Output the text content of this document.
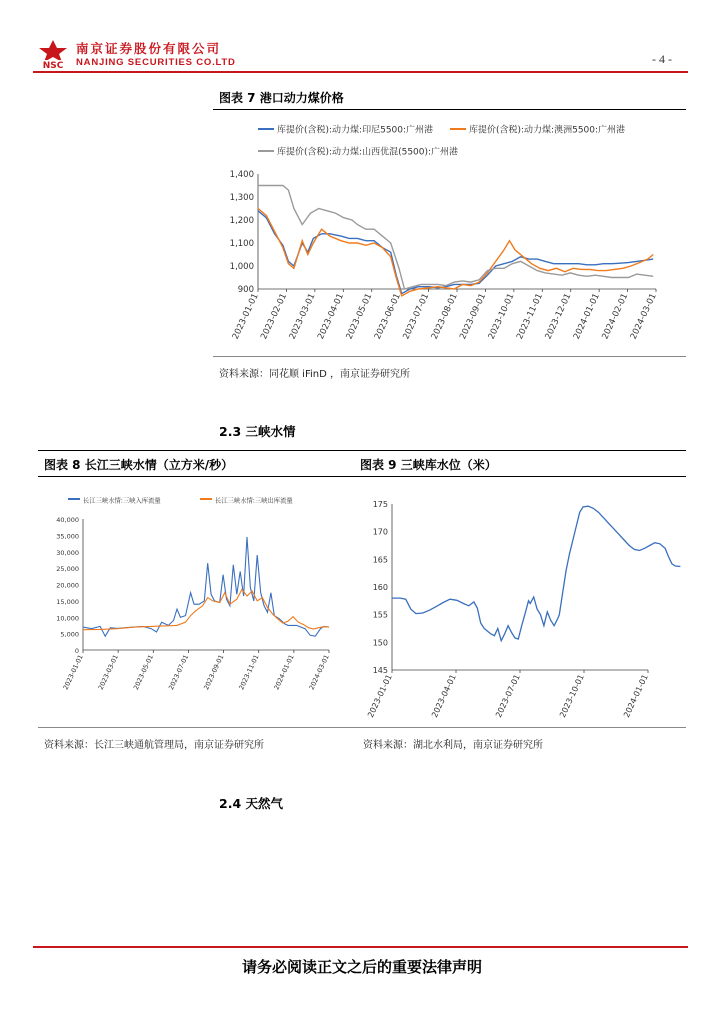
NSC
南京证券股份有限公司
NANJING SECURITIES CO.LTD	- 4 -
图表 7 港口动力煤价格
900
1,000
1,100
1,200
1,300
1,400
2023-01-01
2023-02-01
2023-03-01
2023-04-01
2023-05-01
2023-06-01
2023-07-01
2023-08-01
2023-09-01
2023-10-01
2023-11-01
2023-12-01
2024-01-01
2024-02-01
2024-03-01
库提价(含税):动力煤:印尼5500:广州港	库提价(含税):动力煤:澳洲5500:广州港
库提价(含税):动力煤:山西优混(5500):广州港
资料来源：同花顺 iFinD ，南京证券研究所
2.3 三峡水情
图表 8 长江三峡水情（立方米/秒）	图表 9 三峡库水位（米）
0
5,000
10,000
15,000
20,000
25,000
30,000
35,000
40,000
2023-01-01 2023-03-01 2023-05-01 2023-07-01 2023-09-01 2023-11-01 2024-01-01 2024-03-01
长江三峡水情:三峡入库流量	长江三峡水情:三峡出库流量
145
150
155
160
165
170
175
2023-01-01	2023-04-01	2023-07-01	2023-10-01	2024-01-01
资料来源：长江三峡通航管理局，南京证券研究所	资料来源：湖北水利局，南京证券研究所
2.4 天然气
请务必阅读正文之后的重要法律声明
